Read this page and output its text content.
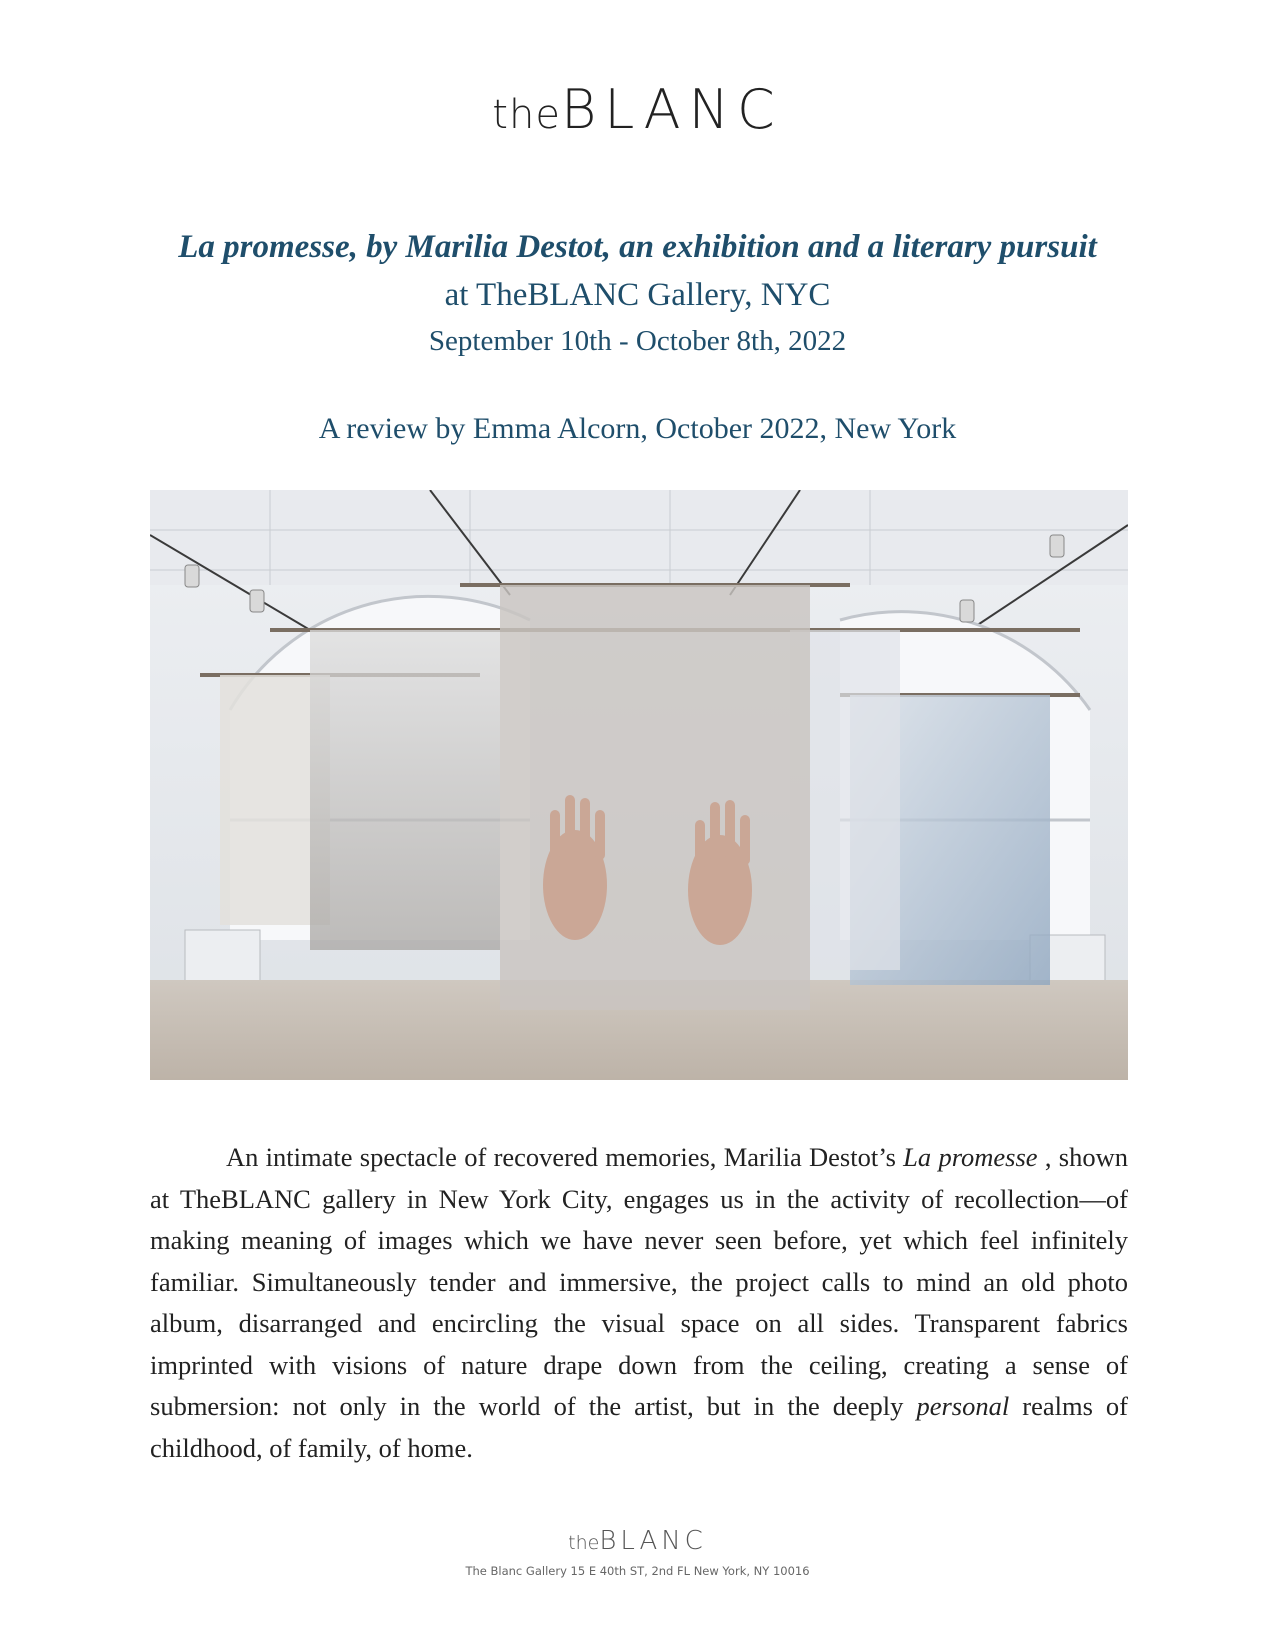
theBLANC
La promesse, by Marilia Destot, an exhibition and a literary pursuit
at TheBLANC Gallery, NYC
September 10th - October 8th, 2022
A review by Emma Alcorn, October 2022, New York

An intimate spectacle of recovered memories, Marilia Destot’s La promesse , shown at TheBLANC gallery in New York City, engages us in the activity of recollection—of making meaning of images which we have never seen before, yet which feel infinitely familiar. Simultaneously tender and immersive, the project calls to mind an old photo album, disarranged and encircling the visual space on all sides. Transparent fabrics imprinted with visions of nature drape down from the ceiling, creating a sense of submersion: not only in the world of the artist, but in the deeply personal realms of childhood, of family, of home.

theBLANC
The Blanc Gallery 15 E 40th ST, 2nd FL New York, NY 10016
